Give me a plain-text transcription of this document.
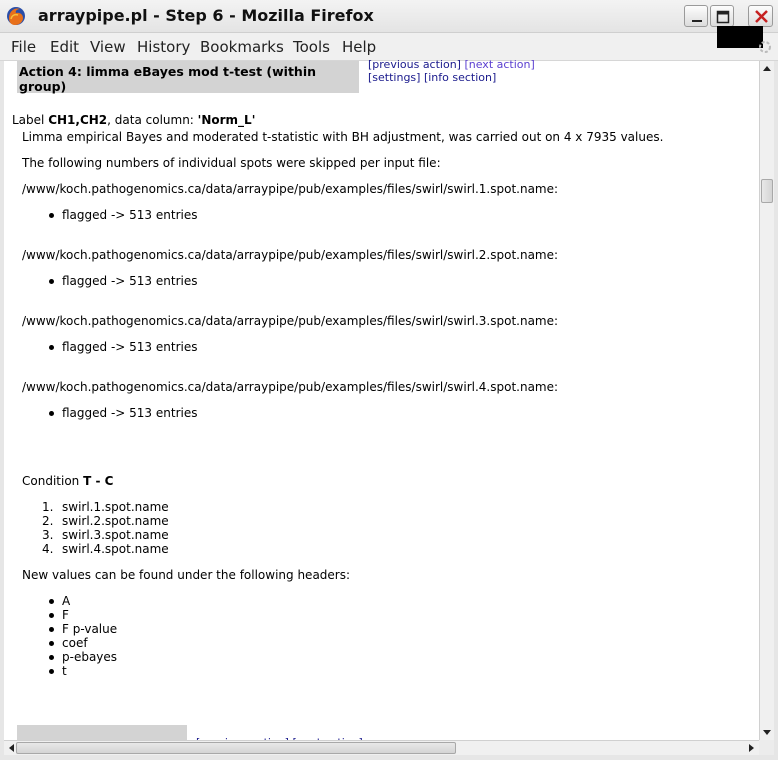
arraypipe.pl - Step 6 - Mozilla Firefox
File Edit View History Bookmarks Tools Help
Action 4: limma eBayes mod t-test (within group)
[previous action] [next action]
[settings] [info section]
Label CH1,CH2, data column: 'Norm_L'
Limma empirical Bayes and moderated t-statistic with BH adjustment, was carried out on 4 x 7935 values.
The following numbers of individual spots were skipped per input file:
/www/koch.pathogenomics.ca/data/arraypipe/pub/examples/files/swirl/swirl.1.spot.name:
flagged -> 513 entries
/www/koch.pathogenomics.ca/data/arraypipe/pub/examples/files/swirl/swirl.2.spot.name:
flagged -> 513 entries
/www/koch.pathogenomics.ca/data/arraypipe/pub/examples/files/swirl/swirl.3.spot.name:
flagged -> 513 entries
/www/koch.pathogenomics.ca/data/arraypipe/pub/examples/files/swirl/swirl.4.spot.name:
flagged -> 513 entries
Condition T - C
1. swirl.1.spot.name
2. swirl.2.spot.name
3. swirl.3.spot.name
4. swirl.4.spot.name
New values can be found under the following headers:
A
F
F p-value
coef
p-ebayes
t
